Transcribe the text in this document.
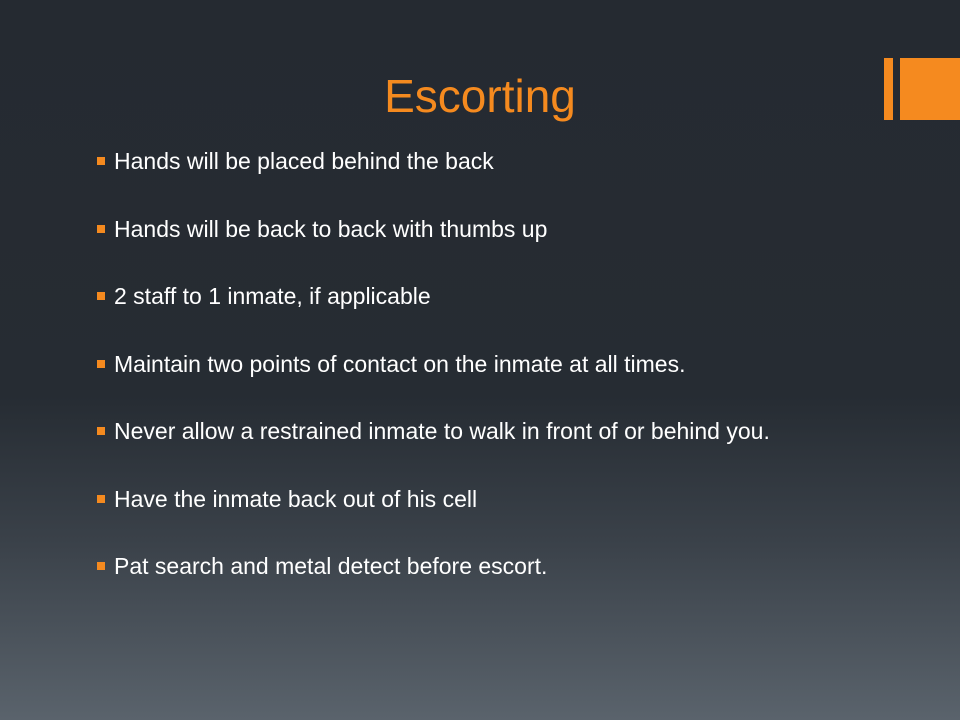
Escorting
Hands will be placed behind the back
Hands will be back to back with thumbs up
2 staff to 1 inmate, if applicable
Maintain two points of contact on the inmate at all times.
Never allow a restrained inmate to walk in front of or behind you.
Have the inmate back out of his cell
Pat search and metal detect before escort.
